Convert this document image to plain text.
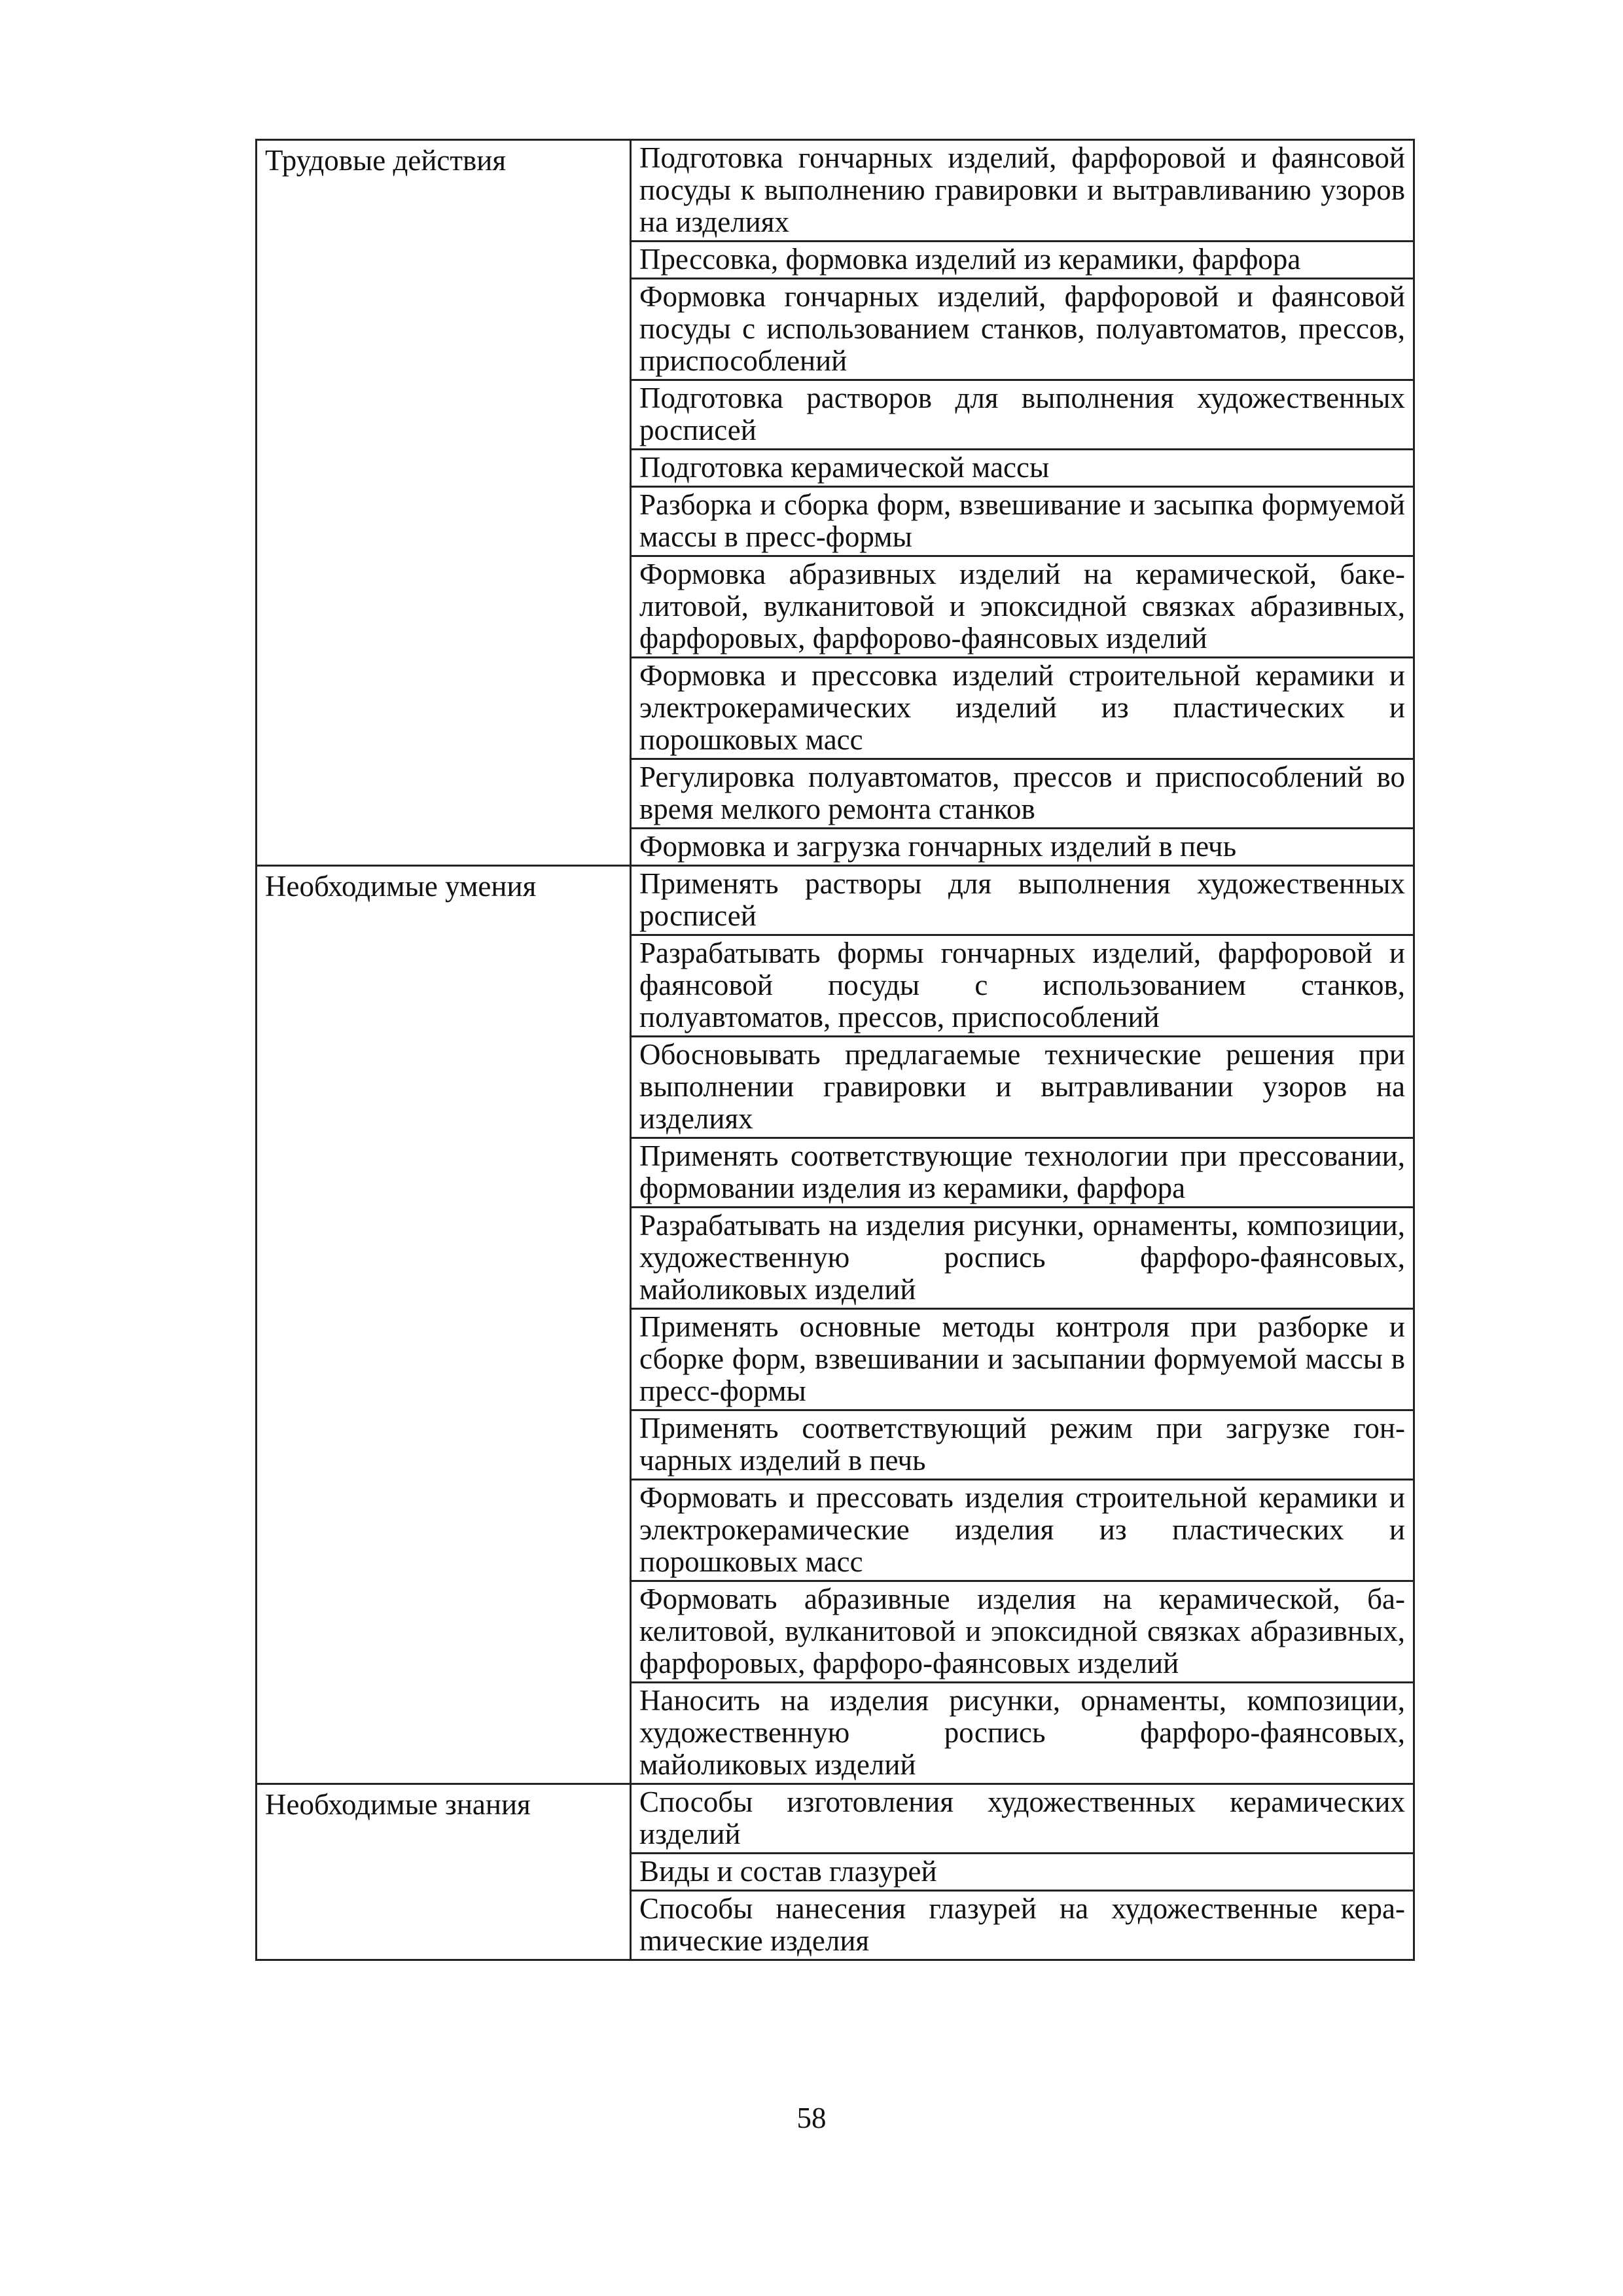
Трудовые действия	Подготовка гончарных изделий, фарфоровой и фаянсовой посуды к выполнению гравировки и вытравливанию узоров на изделиях
	Прессовка, формовка изделий из керамики, фарфора
	Формовка гончарных изделий, фарфоровой и фаянсовой посуды с использованием станков, полуавтоматов, прессов, приспособлений
	Подготовка растворов для выполнения художественных росписей
	Подготовка керамической массы
	Разборка и сборка форм, взвешивание и засыпка формуемой массы в пресс-формы
	Формовка абразивных изделий на керамической, бакeлитовой, вулканитовой и эпоксидной связках абразивных, фарфоровых, фарфорово-фаянсовых изделий
	Формовка и прессовка изделий строительной керамики и электрокерамических изделий из пластических и порошковых масс
	Регулировка полуавтоматов, прессов и приспособлений во время мелкого ремонта станков
	Формовка и загрузка гончарных изделий в печь
Необходимые умения	Применять растворы для выполнения художественных росписей
	Разрабатывать формы гончарных изделий, фарфоровой и фаянсовой посуды с использованием станков, полуавтоматов, прессов, приспособлений
	Обосновывать предлагаемые технические решения при выполнении гравировки и вытравливании узоров на изделиях
	Применять соответствующие технологии при прессовании, формовании изделия из керамики, фарфора
	Разрабатывать на изделия рисунки, орнаменты, композиции, художественную роспись фарфоро-фаянсовых, майоликовых изделий
	Применять основные методы контроля при разборке и сборке форм, взвешивании и засыпании формуемой массы в пресс-формы
	Применять соответствующий режим при загрузке гончарных изделий в печь
	Формовать и прессовать изделия строительной керамики и электрокерамические изделия из пластических и порошковых масс
	Формовать абразивные изделия на керамической, бакелитовой, вулканитовой и эпоксидной связках абразивных, фарфоровых, фарфоро-фаянсовых изделий
	Наносить на изделия рисунки, орнаменты, композиции, художественную роспись фарфоро-фаянсовых, майоликовых изделий
Необходимые знания	Способы изготовления художественных керамических изделий
	Виды и состав глазурей
	Способы нанесения глазурей на художественные кераmические изделия
58
